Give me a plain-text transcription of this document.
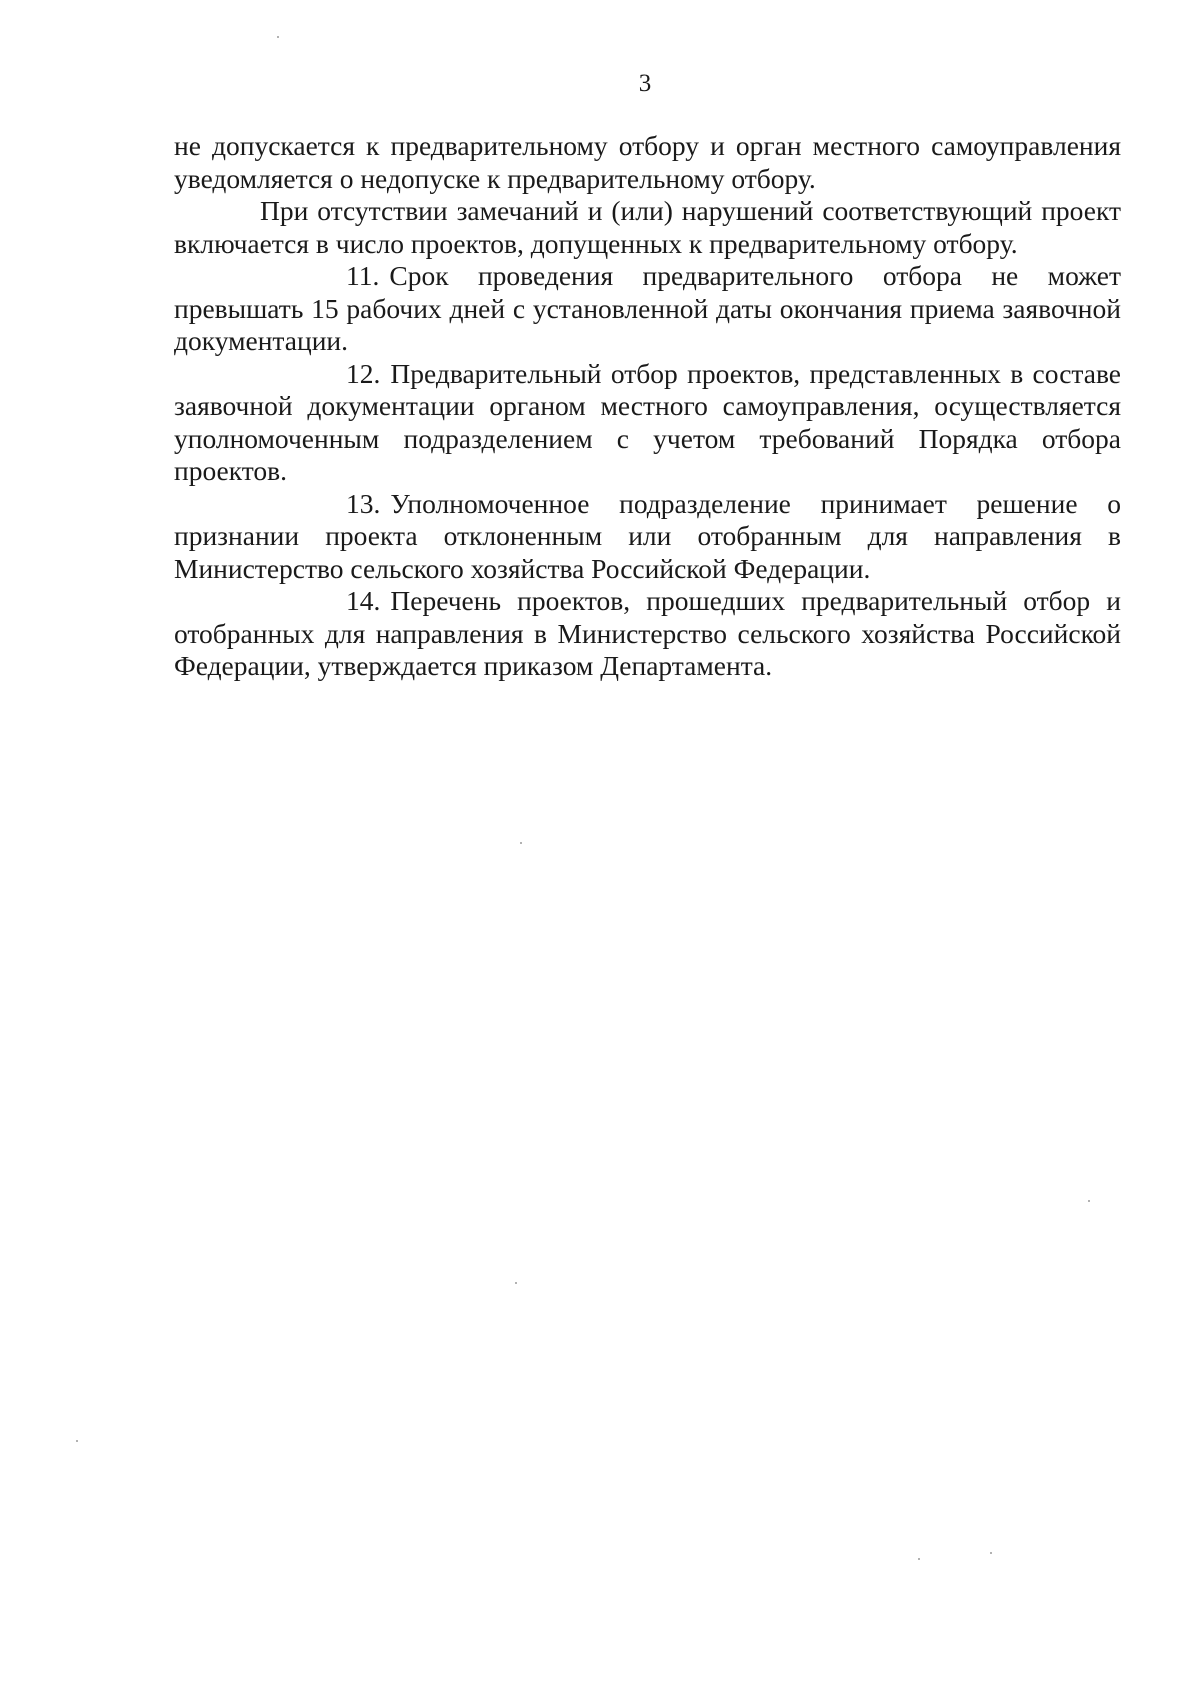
3

не допускается к предварительному отбору и орган местного самоуправления уведомляется о недопуске к предварительному отбору.

При отсутствии замечаний и (или) нарушений соответствующий проект включается в число проектов, допущенных к предварительному отбору.

11. Срок проведения предварительного отбора не может превышать 15 рабочих дней с установленной даты окончания приема заявочной документации.

12. Предварительный отбор проектов, представленных в составе заявочной документации органом местного самоуправления, осуществляется уполномоченным подразделением с учетом требований Порядка отбора проектов.

13. Уполномоченное подразделение принимает решение о признании проекта отклоненным или отобранным для направления в Министерство сельского хозяйства Российской Федерации.

14. Перечень проектов, прошедших предварительный отбор и отобранных для направления в Министерство сельского хозяйства Российской Федерации, утверждается приказом Департамента.
